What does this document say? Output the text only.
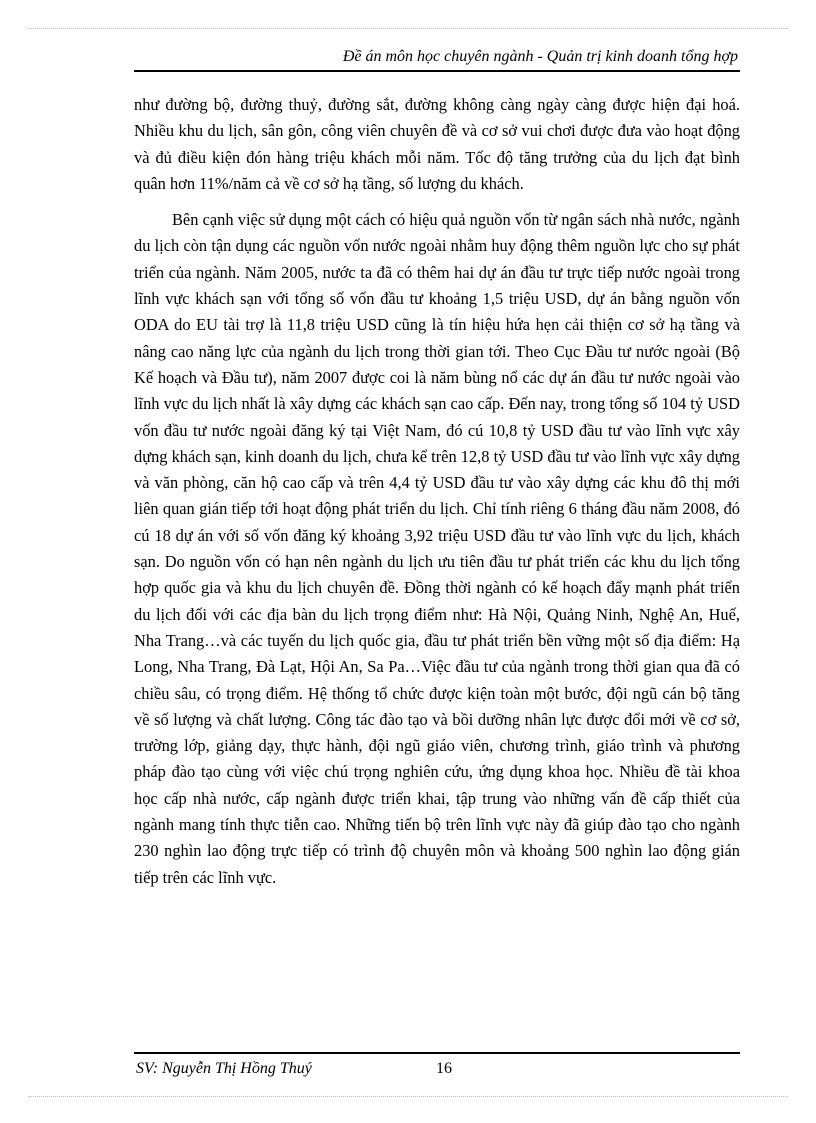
Đề án môn học chuyên ngành - Quản trị kinh doanh tổng hợp

như đường bộ, đường thuỷ, đường sắt, đường không càng ngày càng được hiện đại hoá. Nhiều khu du lịch, sân gôn, công viên chuyên đề và cơ sở vui chơi được đưa vào hoạt động và đủ điều kiện đón hàng triệu khách mỗi năm. Tốc độ tăng trưởng của du lịch đạt bình quân hơn 11%/năm cả về cơ sở hạ tầng, số lượng du khách.

Bên cạnh việc sử dụng một cách có hiệu quả nguồn vốn từ ngân sách nhà nước, ngành du lịch còn tận dụng các nguồn vốn nước ngoài nhằm huy động thêm nguồn lực cho sự phát triển của ngành. Năm 2005, nước ta đã có thêm hai dự án đầu tư trực tiếp nước ngoài trong lĩnh vực khách sạn với tổng số vốn đầu tư khoảng 1,5 triệu USD, dự án bằng nguồn vốn ODA do EU tài trợ là 11,8 triệu USD cũng là tín hiệu hứa hẹn cải thiện cơ sở hạ tầng và nâng cao năng lực của ngành du lịch trong thời gian tới. Theo Cục Đầu tư nước ngoài (Bộ Kế hoạch và Đầu tư), năm 2007 được coi là năm bùng nổ các dự án đầu tư nước ngoài vào lĩnh vực du lịch nhất là xây dựng các khách sạn cao cấp. Đến nay, trong tổng số 104 tỷ USD vốn đầu tư nước ngoài đăng ký tại Việt Nam, đó cú 10,8 tỷ USD đầu tư vào lĩnh vực xây dựng khách sạn, kinh doanh du lịch, chưa kể trên 12,8 tỷ USD đầu tư vào lĩnh vực xây dựng và văn phòng, căn hộ cao cấp và trên 4,4 tỷ USD đầu tư vào xây dựng các khu đô thị mới liên quan gián tiếp tới hoạt động phát triển du lịch. Chỉ tính riêng 6 tháng đầu năm 2008, đó cú 18 dự án với số vốn đăng ký khoảng 3,92 triệu USD đầu tư vào lĩnh vực du lịch, khách sạn. Do nguồn vốn có hạn nên ngành du lịch ưu tiên đầu tư phát triển các khu du lịch tổng hợp quốc gia và khu du lịch chuyên đề. Đồng thời ngành có kế hoạch đẩy mạnh phát triển du lịch đối với các địa bàn du lịch trọng điểm như: Hà Nội, Quảng Ninh, Nghệ An, Huế, Nha Trang…và các tuyến du lịch quốc gia, đầu tư phát triển bền vững một số địa điểm: Hạ Long, Nha Trang, Đà Lạt, Hội An, Sa Pa…Việc đầu tư của ngành trong thời gian qua đã có chiều sâu, có trọng điểm. Hệ thống tổ chức được kiện toàn một bước, đội ngũ cán bộ tăng về số lượng và chất lượng. Công tác đào tạo và bồi dưỡng nhân lực được đổi mới về cơ sở, trường lớp, giảng dạy, thực hành, đội ngũ giáo viên, chương trình, giáo trình và phương pháp đào tạo cùng với việc chú trọng nghiên cứu, ứng dụng khoa học. Nhiều đề tài khoa học cấp nhà nước, cấp ngành được triển khai, tập trung vào những vấn đề cấp thiết của ngành mang tính thực tiễn cao. Những tiến bộ trên lĩnh vực này đã giúp đào tạo cho ngành 230 nghìn lao động trực tiếp có trình độ chuyên môn và khoảng 500 nghìn lao động gián tiếp trên các lĩnh vực.

SV: Nguyễn Thị Hồng Thuý	16
